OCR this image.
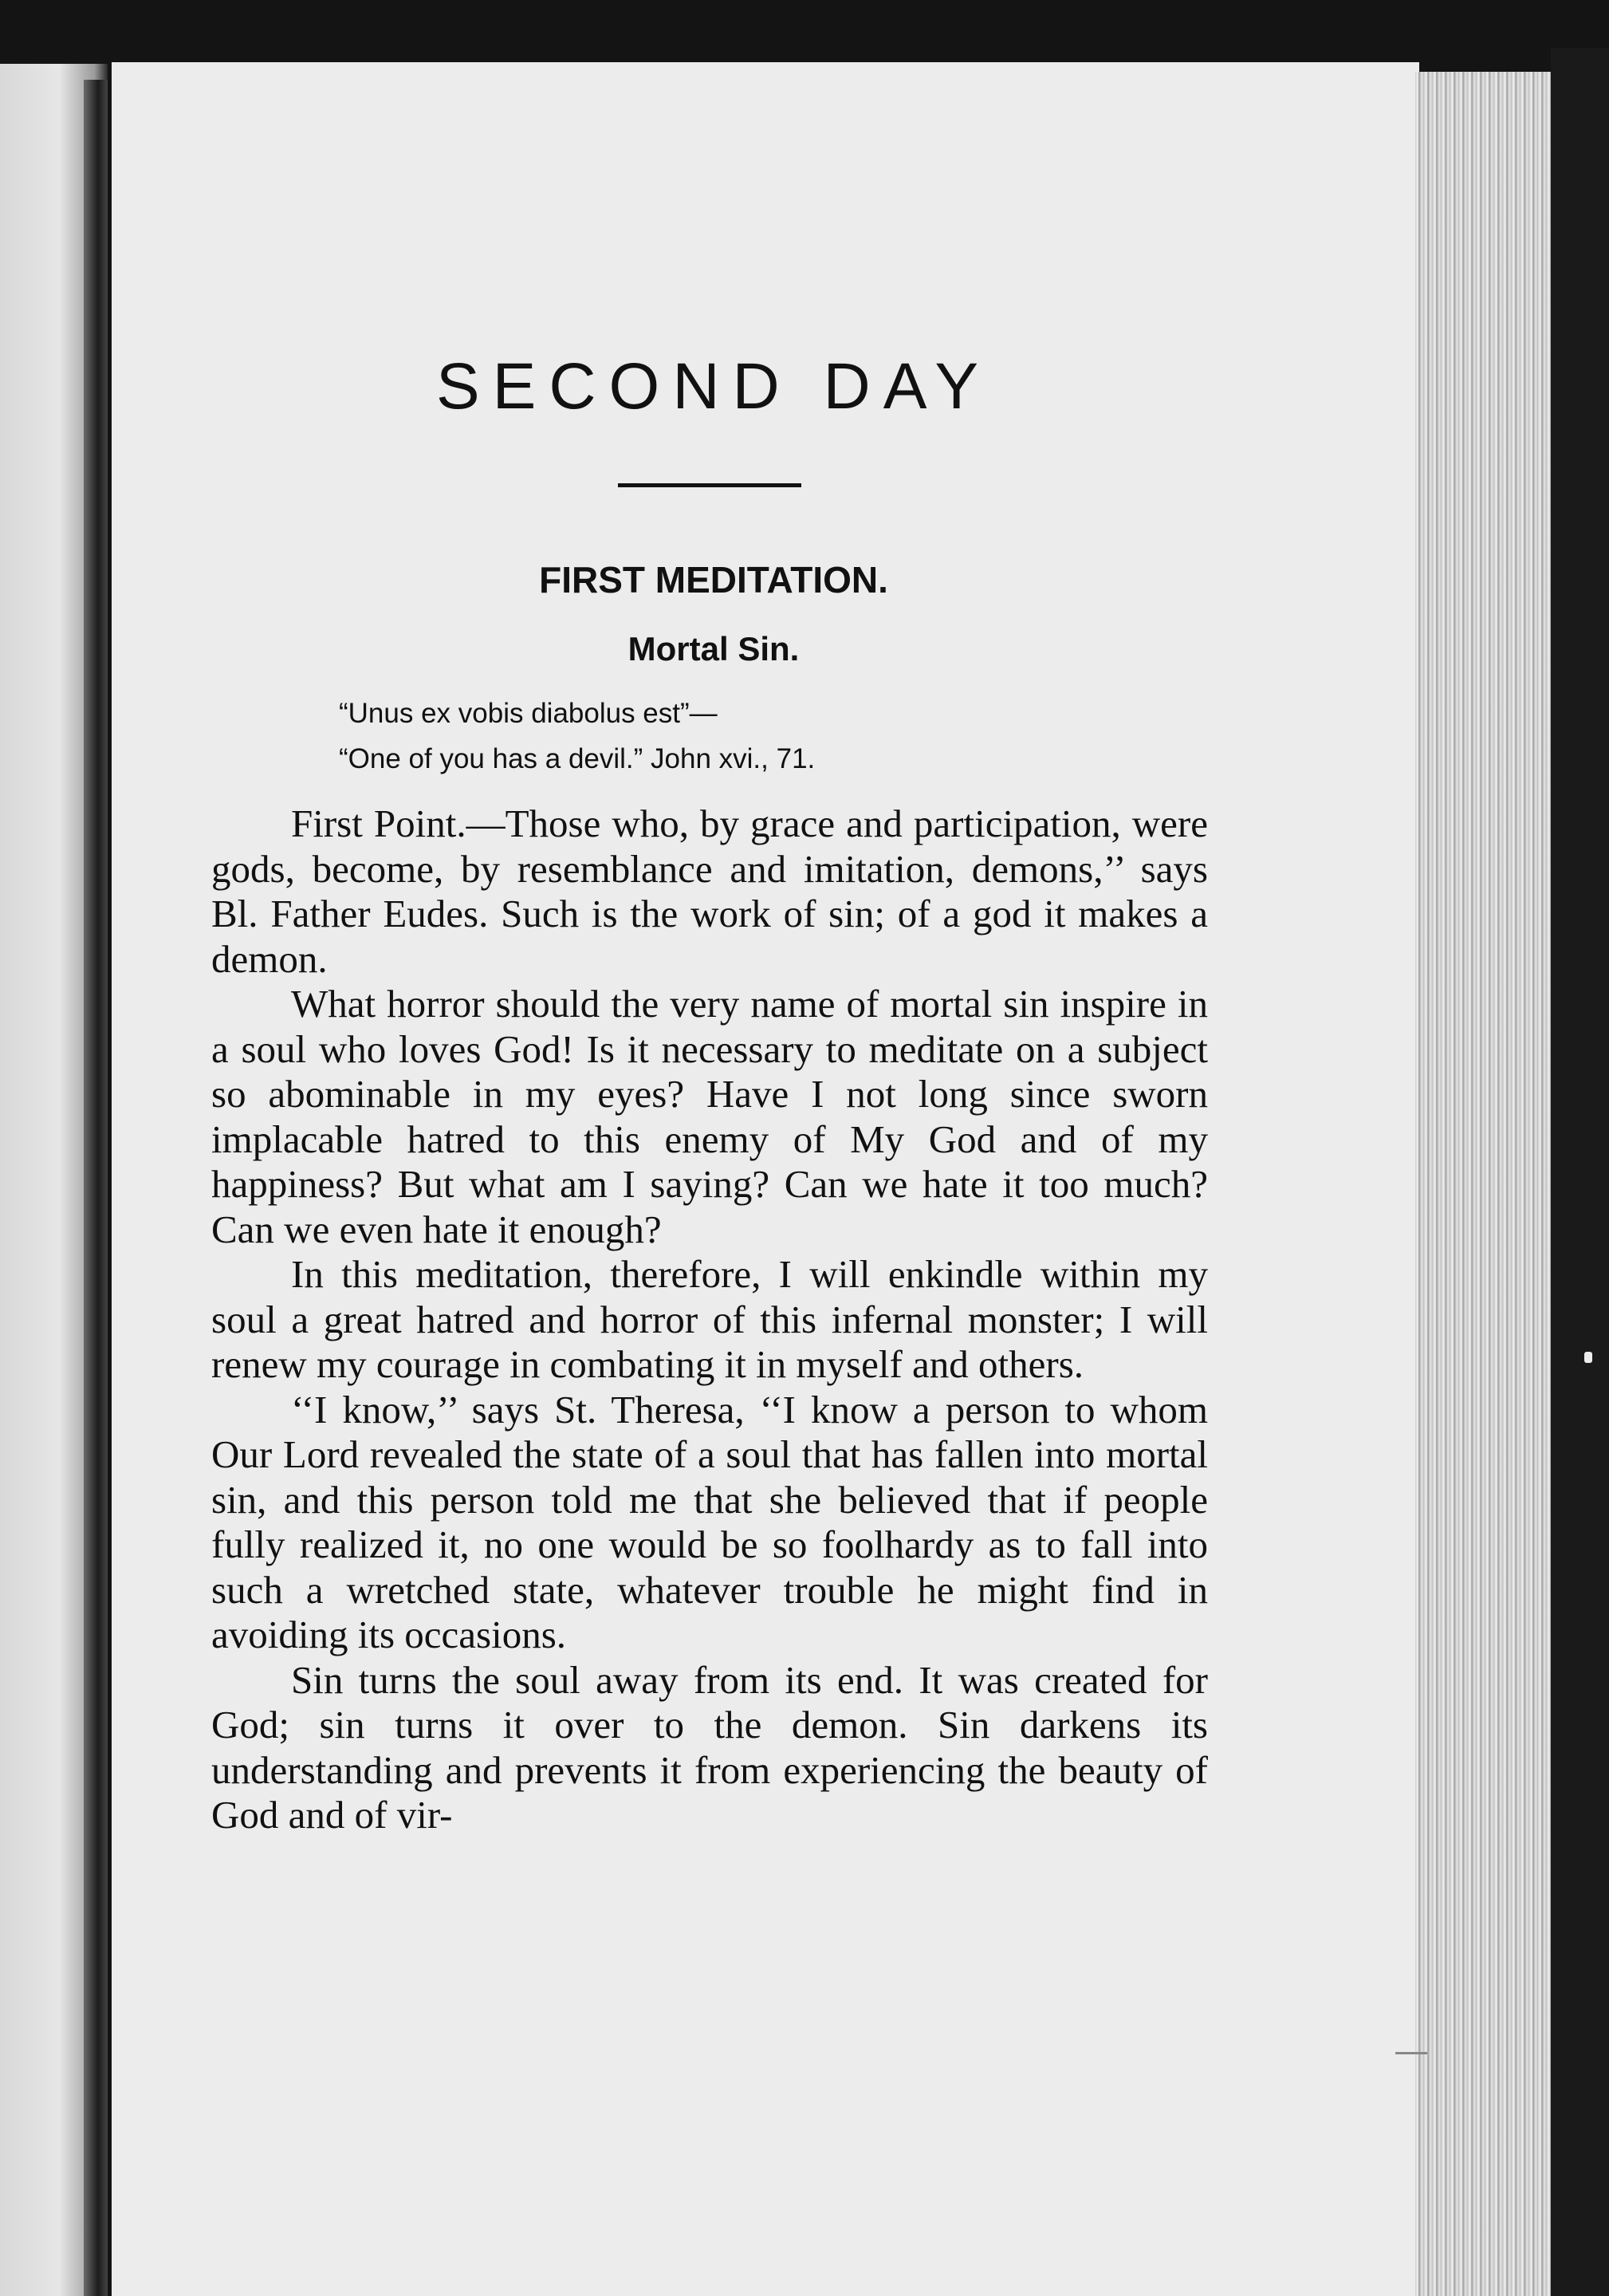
SECOND DAY
FIRST MEDITATION.
Mortal Sin.
“Unus ex vobis diabolus est”—
“One of you has a devil.” John xvi., 71.

First Point.—Those who, by grace and participation, were gods, become, by resemblance and imitation, demons,’’ says Bl. Father Eudes. Such is the work of sin; of a god it makes a demon.

What horror should the very name of mortal sin inspire in a soul who loves God! Is it necessary to meditate on a subject so abominable in my eyes? Have I not long since sworn implacable hatred to this enemy of My God and of my happiness? But what am I saying? Can we hate it too much? Can we even hate it enough?

In this meditation, therefore, I will enkindle within my soul a great hatred and horror of this infernal monster; I will renew my courage in combating it in myself and others.

‘‘I know,’’ says St. Theresa, ‘‘I know a person to whom Our Lord revealed the state of a soul that has fallen into mortal sin, and this person told me that she believed that if people fully realized it, no one would be so foolhardy as to fall into such a wretched state, whatever trouble he might find in avoiding its occasions.

Sin turns the soul away from its end. It was created for God; sin turns it over to the demon. Sin darkens its understanding and prevents it from experiencing the beauty of God and of vir-
